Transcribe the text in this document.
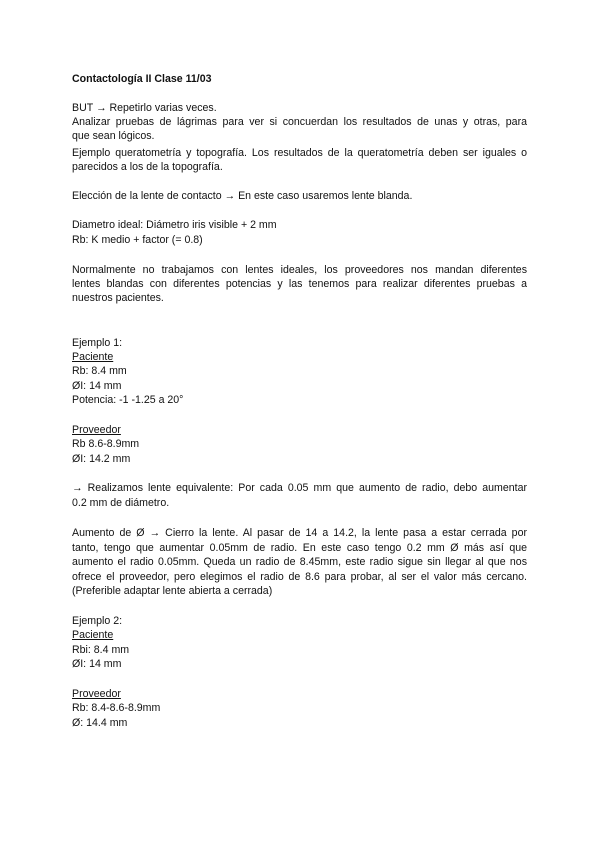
Contactología II Clase 11/03
BUT → Repetirlo varias veces.
Analizar pruebas de lágrimas para ver si concuerdan los resultados de unas y otras, para
que sean lógicos.
Ejemplo queratometría y topografía. Los resultados de la queratometría deben ser iguales o
parecidos a los de la topografía.
Elección de la lente de contacto → En este caso usaremos lente blanda.
Diametro ideal: Diámetro iris visible + 2 mm
Rb: K medio + factor (= 0.8)
Normalmente no trabajamos con lentes ideales, los proveedores nos mandan diferentes
lentes blandas con diferentes potencias y las tenemos para realizar diferentes pruebas a
nuestros pacientes.
Ejemplo 1:
Paciente
Rb: 8.4 mm
ØI: 14 mm
Potencia: -1 -1.25 a 20°
Proveedor
Rb 8.6-8.9mm
ØI: 14.2 mm
→ Realizamos lente equivalente: Por cada 0.05 mm que aumento de radio, debo aumentar
0.2 mm de diámetro.
Aumento de Ø → Cierro la lente. Al pasar de 14 a 14.2, la lente pasa a estar cerrada por
tanto, tengo que aumentar 0.05mm de radio. En este caso tengo 0.2 mm Ø más así que
aumento el radio 0.05mm. Queda un radio de 8.45mm, este radio sigue sin llegar al que nos
ofrece el proveedor, pero elegimos el radio de 8.6 para probar, al ser el valor más cercano.
(Preferible adaptar lente abierta a cerrada)
Ejemplo 2:
Paciente
Rbi: 8.4 mm
ØI: 14 mm
Proveedor
Rb: 8.4-8.6-8.9mm
Ø: 14.4 mm
